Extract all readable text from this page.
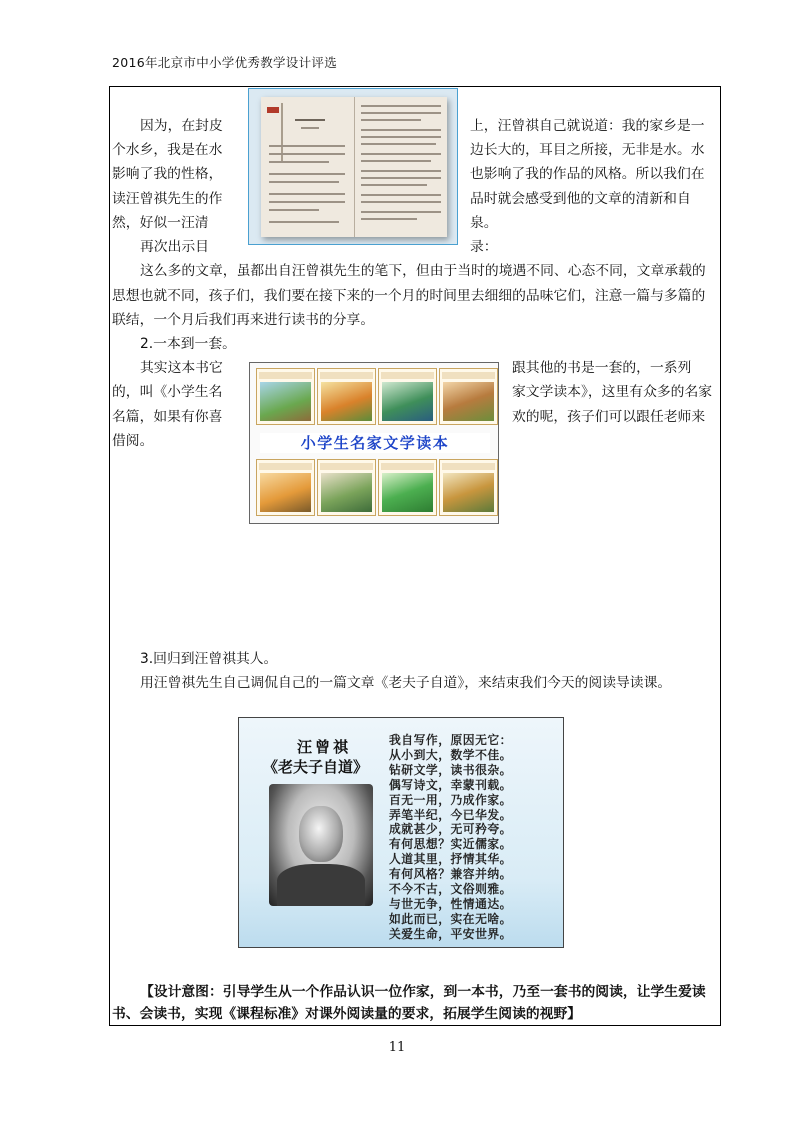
2016年北京市中小学优秀教学设计评选
因为，在封皮	上，汪曾祺自己就说道：我的家乡是一
个水乡，我是在水	边长大的，耳目之所接，无非是水。水
影响了我的性格，	也影响了我的作品的风格。所以我们在
读汪曾祺先生的作	品时就会感受到他的文章的清新和自
然，好似一汪清	泉。
再次出示目	录：
这么多的文章，虽都出自汪曾祺先生的笔下，但由于当时的境遇不同、心态不同，文章承载的
思想也就不同，孩子们，我们要在接下来的一个月的时间里去细细的品味它们，注意一篇与多篇的
联结，一个月后我们再来进行读书的分享。
2.一本到一套。
其实这本书它	跟其他的书是一套的，一系列
的，叫《小学生名	家文学读本》，这里有众多的名家
名篇，如果有你喜	欢的呢，孩子们可以跟任老师来
借阅。	小学生名家文学读本
3.回归到汪曾祺其人。
用汪曾祺先生自己调侃自己的一篇文章《老夫子自道》，来结束我们今天的阅读导读课。
汪曾祺
《老夫子自道》
我自写作，原因无它：
从小到大，数学不佳。
钻研文学，读书很杂。
偶写诗文，幸蒙刊载。
百无一用，乃成作家。
弄笔半纪，今已华发。
成就甚少，无可矜夸。
有何思想？实近儒家。
人道其里，抒情其华。
有何风格？兼容并纳。
不今不古，文俗则雅。
与世无争，性情通达。
如此而已，实在无啥。
关爱生命，平安世界。
【设计意图：引导学生从一个作品认识一位作家，到一本书，乃至一套书的阅读，让学生爱读
书、会读书，实现《课程标准》对课外阅读量的要求，拓展学生阅读的视野】
11
